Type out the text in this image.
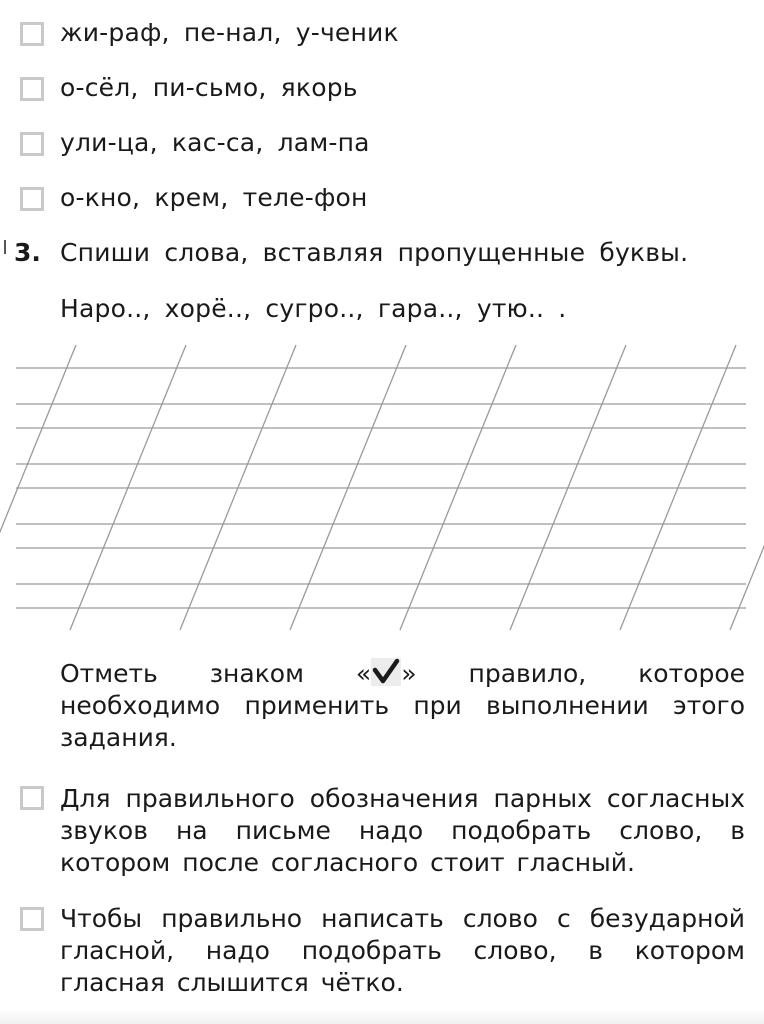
жи-раф, пе-нал, у-ченик
о-сёл, пи-сьмо, якорь
ули-ца, кас-са, лам-па
о-кно, крем, теле-фон
3. Спиши слова, вставляя пропущенные буквы.
Наро.., хорё.., сугро.., гара.., утю.. .
Отметь знаком « » правило, которое необходимо применить при выполнении этого задания.
Для правильного обозначения парных согласных звуков на письме надо подобрать слово, в котором после согласного стоит гласный.
Чтобы правильно написать слово с безударной гласной, надо подобрать слово, в котором гласная слышится чётко.
